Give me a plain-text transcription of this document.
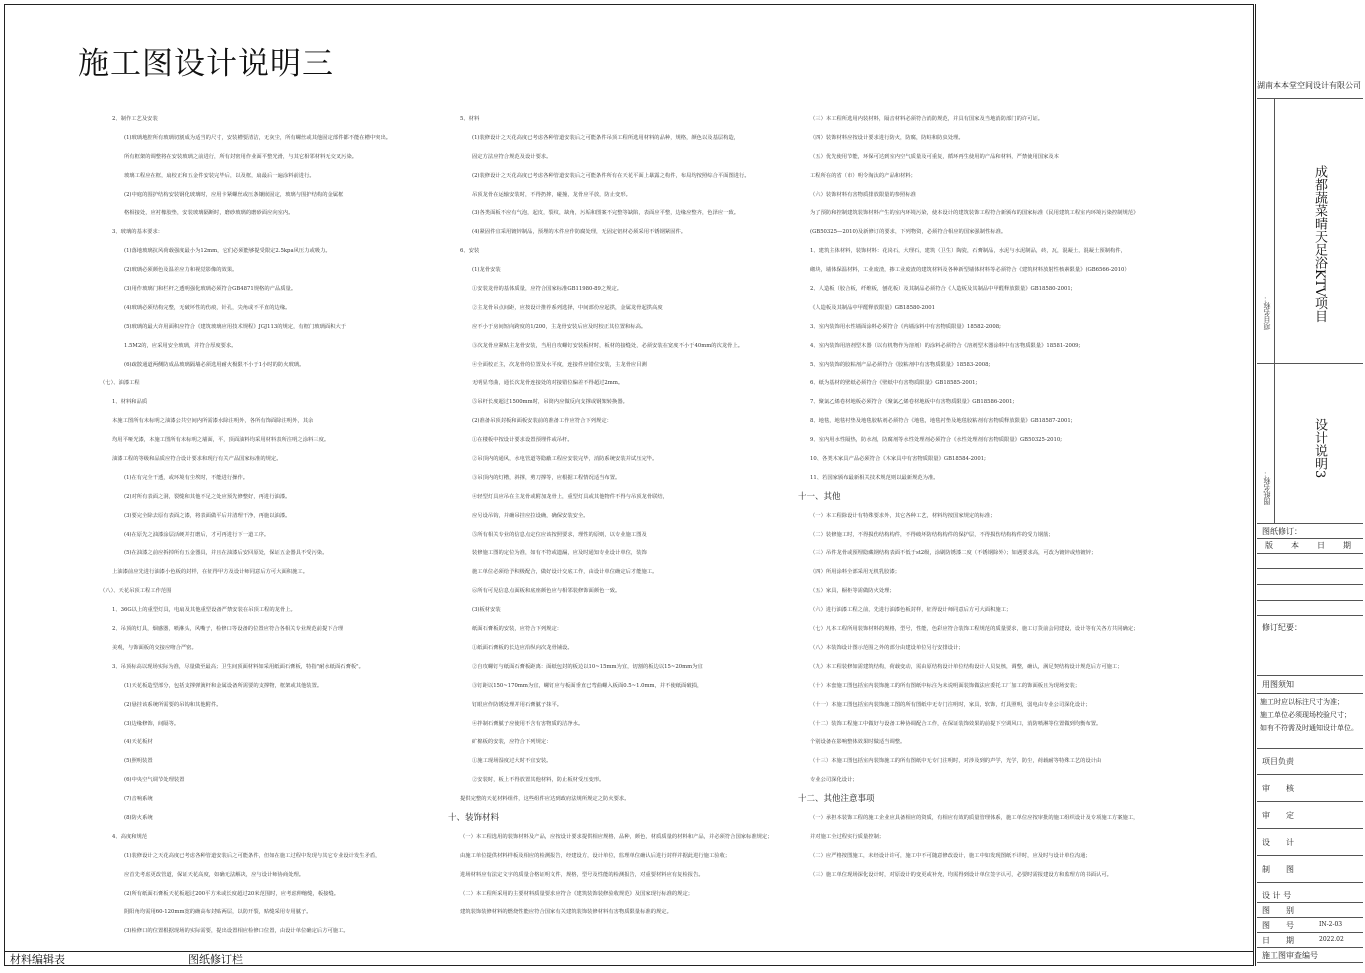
施工图设计说明三
2、制作工艺及安装
(1)玻璃地腔所有玻璃切割成为适当的尺寸，安装槽要清洁，无灰尘，所有螺丝或其他固定部件都不能在槽中突出。
所有框架的调整将在安装玻璃之前进行，所有封密用作业面平整光滑，与其它相邻材料无交叉污染。
玻璃工程应在框，扇校正和五金件安装完毕后，以及框，扇最后一遍涂料前进行。
(2)中庭的围护结构安装钢化玻璃时，应用卡紧螺丝或压条镶嵌固定，玻璃与围护结构的金属框
格相接处，应衬橡胶垫，安装玻璃隔断时，磨砂玻璃的磨砂面应向室内。
3、玻璃的基本要求：
(1)落地玻璃抗风荷载强度最小为12mm，它们必须能够提受限定2.5kpa风压力或吸力。
(2)玻璃必须颜色及温差应力和视觉影像的效果。
(3)用作玻璃门和栏杆之透明强化玻璃必须符合GB4871规格的产品质量。
(4)玻璃必须结构完整，无破坏性的伤痕，针孔，尖角或不平直的边缘。
(5)玻璃的最大许用面积应符合《建筑玻璃应用技术规程》JGJ113的规定，有框门玻璃面积大于
1.5M2的，应采用安全玻璃，并符合厚度要求。
(6)疏散通道两侧防成品玻璃隔墙必须选用耐火极限不小于1小时的防火玻璃。
（七）、油漆工程
1、材料和品质
本施工图所有未标明之油漆公共空间内所需漆水除注明外，各所有饰面除注明外，其余
均用平哑光漆，本施工图所有未标明之墙面，平，顶面油料均采用材料表所注明之涂料三度。
油漆工程的等级和品质应符合设计要求和现行有关产品国家标准的规定。
(1)在有完全干透，或环境有尘埃时，不能进行操作。
(2)对所有表面之洞，裂缝和其他不足之处应预先修整好，再进行油漆。
(3)要完全除去原有表面之漆，将表面做平后并清理干净，再施以油漆。
(4)在原先之油漆涂层活硬并打磨后，才可再进行下一道工序。
(5)在油漆之前应拆掉所有五金器具，并且在油漆后安回原处，保证五金器具不受污染。
上油漆前应先进行油漆小色板的封样，在征得甲方及设计师同意后方可大面积施工。
（八）、天花吊顶工程工作范围
1、36G以上的重型灯具，电扇及其他重型设备严禁安装在吊顶工程的龙骨上。
2、吊顶的灯具，烟感器，喷淋头，风嘴子，检修口等设备的位置应符合各相关专业规范前提下合理
美观，与饰面板的交接应吻合严密。
3、吊顶标高以现场实际为准，尽量做至最高；卫生间顶面材料如采用纸面石膏板，特指"耐水纸面石膏板"。
(1)天花板造型部分，包括支撑弹簧杆和金属设备所需要的支撑物，框架或其他装置。
(2)悬挂该系统所需要的吊钩和其他附件。
(3)边缘修饰，间隔等。
(4)天花板材
(5)照明装置
(6)中央空气调节处理装置
(7)音响系统
(8)防火系统
4、高度和规范
(1)装修设计之天花高度已考虑各种管道安装后之可能条件，但如在施工过程中发现与其它专业设计发生矛盾，
应首先考虑更改管道，保证天花高度，如确无法解决，应与设计师协商处理。
(2)所有纸面石膏板天花板超过200平方米或长度超过20米范围时，应考虑伸缩缝，板接缝。
阴阳角均需用60-120mm宽的确高布封贴两层，以防开裂，贴缝采用专用腻子。
(3)检修口的位置根据现场的实际需要，提出设置相应检修口位置，由设计单位确定后方可施工。
5、材料
(1)装修设计之天花高度已考虑各种管道安装后之可能条件吊顶工程所选用材料的品种，规格，颜色以及基层构造，
固定方法应符合规范及设计要求。
(2)装修设计之天花高度已考虑各种管道安装后之可能条件所有在天花平面上暴露之构件，布局均按照综合平面图进行。
吊顶龙骨在运输安装时，不得扔摔，碰撞，龙骨应平放，防止变形。
(3)各类面板不应有气泡，起皮，裂纹，缺角，污垢和图案不完整等缺陷，表面应平整，边缘应整齐，色泽应一致。
(4)紧固件宜采用镀锌制品，预埋的木件应作防腐处理，无固定铝材必须采用不锈钢紧固件。
6、安装
(1)龙骨安装
①安装龙骨的基体质量，应符合国家标准GB11980-89之规定。
②主龙骨吊点间距，应按设计推荐系列选择，中间部份应起拱，金属龙骨起拱高度
应不小于房间短向跨度的1/200，主龙骨安装后应及时校正其位置和标高。
③次龙骨应紧贴主龙骨安装，当用自攻螺钉安装板材时，板材的接缝处，必须安装在宽度不小于40mm的次龙骨上。
④全面校正主，次龙骨的位置及水平度，连接件应错位安装，主龙骨应目测
无明显弯曲，通长次龙骨连接处的对接错位偏差不得超过2mm。
⑤吊杆长度超过1500mm时，吊筒内应做反向支撑或钢架转换器。
(2)准备吊顶封板和面板安装前的准备工作应符合下列规定：
①在楼板中按设计要求设置预埋件或吊杆。
②吊顶内的通风，水电管道等隐蔽工程应安装完毕，消防系统安装并试压完毕。
③吊顶内的灯槽，斜撑，剪刀撑等，应根据工程情况适当布置。
④轻型灯具应吊在主龙骨或附加龙骨上，重型灯具或其他物件不得与吊顶龙骨联结，
应另设吊钩，并确吊挂应拉设确，确保安装安全。
⑤所有相关专业的信息点定位应该按照要求，理性的原则，以专业施工图及
装修施工图的定位为准，如有不符或遗漏，应及时通知专业设计单位，装饰
施工单位必须给予积极配合，做好设计交底工作，由设计单位确定后才能施工。
⑥所有可见信息点面板和底座颜色应与相邻装修饰面颜色一致。
(3)板材安装
纸面石膏板的安装，应符合下列规定：
①纸面石膏板的长边应沿纵向次龙骨铺设。
②自攻螺钉与纸面石膏板距离：面纸包封的板边以10~15mm为宜，切割的板边以15~20mm为宜
③钉距以150~170mm为宜，螺钉应与板面垂直已弯曲螺入板面0.5~1.0mm，并不使纸面破损，
钉眼应作防锈处理并用石膏腻子抹平。
④拌制石膏腻子应使用不含有害物质的洁净水。
矿棉板的安装，应符合下列规定：
①施工现场湿度过大时不宜安装。
②安装时，板上不得放置其他材料，防止板材受压变形。
提供完整的天花材料组件，这些组件应达到政府法规所规定之防火要求。
十、装饰材料
（一）本工程选用的装饰材料及产品，应按设计要求提供相应规格，品种，颜色，材质质量的材料和产品，并必须符合国家标准规定；
由施工单位提供材料样板及相应的检测报告，经建设方，设计单位，监理单位确认后进行封样并据此进行施工验收；
进场材料应有法定文字的质量合格证明文件，规格，型号及性能的检测报告，对重要材料应有复检报告。
（二）本工程所采用的主要材料质量要求应符合《建筑装饰装修验收规范》及国家现行标准的规定；
建筑装饰装修材料的燃烧性能应符合国家有关建筑装饰装修材料有害物质限量标准的规定。
（三）本工程所选用内装材料，隔音材料必须符合消防规范，并具有国家及当地消防部门的许可证。
（四）装饰材料应按设计要求进行防火，防腐，防蛀和防虫处理。
（五）优先使用节能，环保可达到室内空气质量及可重复，循环再生使用的产品和材料，严禁使用国家及本
工程所在的省（市）明令淘汰的产品和材料；
（六）装饰材料有害物质排放限量的参照标准
为了预防和控制建筑装饰材料产生的室内环境污染，使本设计的建筑装饰工程符合新颁布的国家标准《民用建筑工程室内环境污染控制规范》
(GB50325—2010)及新修订的要求，下列物资，必须符合相应的国家强制性标准。
1、建筑主体材料，装饰材料：花岗石，大理石，建筑（卫生）陶瓷，石膏制品，水泥与水泥制品，砖，瓦，混凝土，混凝土预制构件，
砌块，墙体保温材料，工业废渣，掺工业废渣的建筑材料及各种新型墙体材料等必须符合《建筑材料放射性核素限量》(GB6566-2010）
2、人造板（胶合板，纤维板，刨花板）及其制品必须符合《人造板及其制品中甲醛释放限量》GB18580-2001;
《人造板及其制品中甲醛释放限量》GB18580-2001
3、室内装饰用水性墙面涂料必须符合《内墙涂料中有害物质限量》18582-2008;
4、室内装饰用溶剂型木器（以有机物作为溶剂）的涂料必须符合《溶剂型木器涂料中有害物质限量》18581-2009;
5、室内装饰的胶粘剂产品必须符合《胶粘剂中有害物质限量》18583-2008;
6、纸为基材的壁纸必须符合《壁纸中有害物质限量》GB18585-2001;
7、聚氯乙烯卷材地板必须符合《聚氯乙烯卷材地板中有害物质限量》GB18586-2001;
8、地毯，地毯衬垫及地毯胶粘剂必须符合《地毯，地毯衬垫及地毯胶粘剂有害物质释放限量》GB18587-2001;
9、室内用水性隔热，防水剂，防腐剂等水性处理剂必须符合《水性处理剂有害物质限量》GB50325-2010;
10、各类木家具产品必须符合《木家具中有害物质限量》GB18584-2001;
11、若国家颁布最新相关技术规范则以最新规范为准。
十一、其他
（一）本工程除设计有特殊要求外，其它各种工艺，材料均按国家规定的标准；
（二）装修施工时，不得损伤结构构件，不得破坏防结构构件的保护层，不得损伤结构构件的受力钢筋；
（三）吊件龙骨或预埋隐藏钢结构表面不低于st2级，涂刷防锈漆二度（不锈钢除外）；如遇要求高，可改为镀锌或热镀锌；
（四）所用涂料全部采用无机乳胶漆；
（五）家具，橱柜等需做防火处理；
（六）进行油漆工程之前，先进行油漆色板封样，征得设计师同意后方可大面积施工；
（七）凡本工程所用装饰材料的规格，型号，性能，色彩应符合装饰工程规范的质量要求，施工订货前会同建设，设计等有关各方共同确定；
（八）本装饰设计图示范围之外的部分由建设单位另行安排设计；
（九）本工程装修如需建筑结构，荷载变动，需由原结构设计单位结构设计人员复核，调整，确认，满足契结构设计规范后方可施工；
（十）本套施工图包括室内装饰施工的所有图纸中标注为未说明面装饰做法应委托工厂加工的饰面板且为现场安装；
（十一）本施工图包括室内装饰施工图的所有图纸中无专门注明时，家具，软饰，灯具照明，弱电由专业公司深化设计；
（十二）装饰工程施工中做好与设备工种协调配合工作，在保证装饰效果的前提下空调风口，消防喷淋等位置做到均衡布置。
个别设备在影响整体效果时做适当调整。
（十三）本施工图包括室内装饰施工的所有图纸中无专门注明时，对涉及到的声学，光学，防尘，荷载耐等特殊工艺的设计由
专业公司深化设计；
十二、其他注意事项
（一）承担本装饰工程的施工企业应具备相应的资质，有相应有效的质量管理体系，施工单位应按审批的施工组织设计及专项施工方案施工，
并对施工全过程实行质量控制；
（二）应严格按图施工，未经设计许可，施工中不可随意修改设计，施工中如发现图纸不详时，应及时与设计单位沟通；
（三）施工单位现场深化设计时，对原设计的变更或补充，均需得到设计单位签字认可，必要时需报建设方和监理方的书面认可。
材料编辑表	图纸修订栏
湖南本本堂空间设计有限公司
项目名称：	成都蔬菜晴天足浴KTV项目
图纸名称：
设计说明3
图纸修订：
版 本 日 期
修订纪要：
用图须知
施工时应以标注尺寸为准；
施工单位必须现场校验尺寸；
如有不符需及时通知设计单位。
项目负责
审　　核
审　　定
设　　计
制　　图
设 计 号
图　　别
图　　号	IN-2-03
日　　期	2022.02
施工图审查编号
